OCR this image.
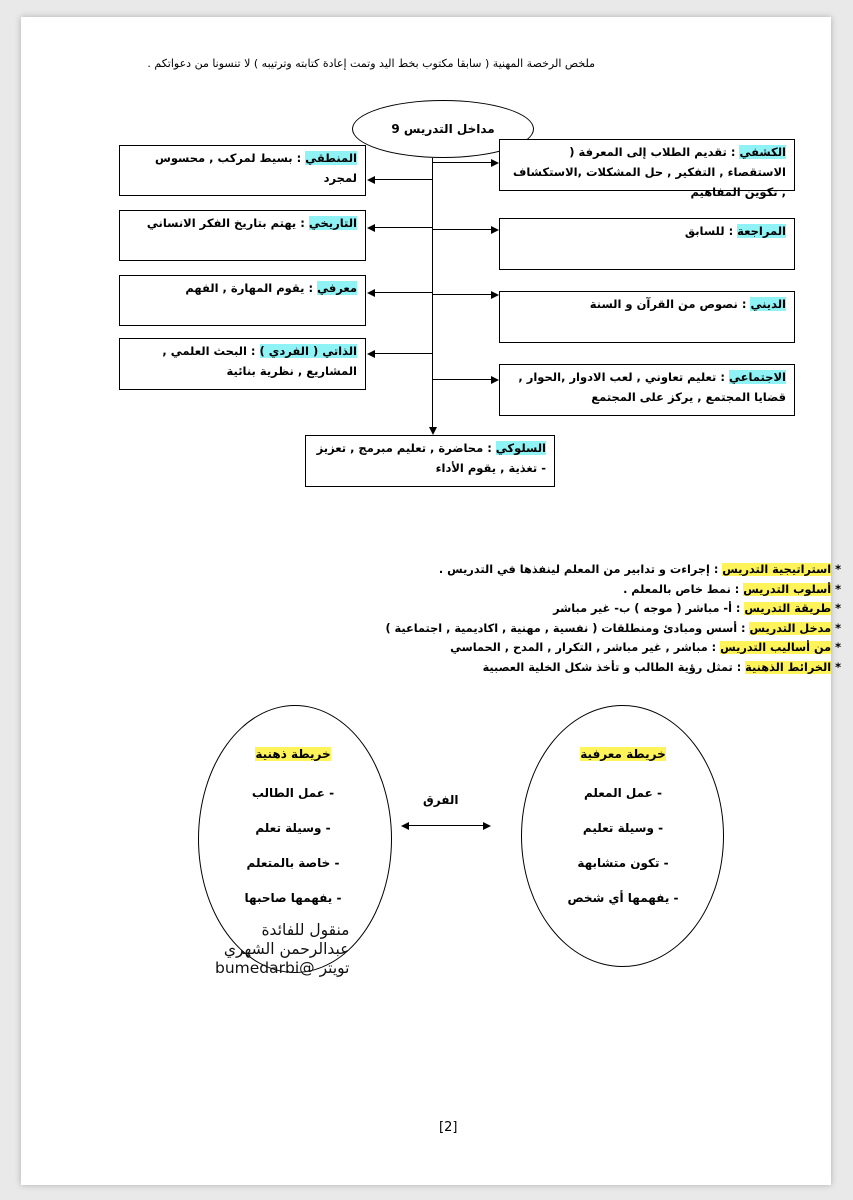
ملخص الرخصة المهنية ( سابقا مكتوب بخط اليد وتمت إعادة كتابته وترتيبه ) لا تنسونا من دعواتكم .
مداخل التدريس 9
المنطقي : بسيط لمركب , محسوس لمجرد
التاريخي : يهتم بتاريخ الفكر الانساني
معرفي : يقوم المهارة , الفهم
الذاتي ( الفردي ) : البحث العلمي , المشاريع , نظرية بنائية
الكشفي : تقديم الطلاب إلى المعرفة ( الاستقصاء , التفكير , حل المشكلات ,الاستكشاف , تكوين المفاهيم
المراجعة : للسابق
الديني : نصوص من القرآن و السنة
الاجتماعي : تعليم تعاوني , لعب الادوار ,الحوار , قضايا المجتمع , يركز على المجتمع
السلوكي : محاضرة , تعليم مبرمج , تعزيز - تغذية , يقوم الأداء
* استراتيجية التدريس : إجراءت و تدابير من المعلم لينفذها في التدريس .
* أسلوب التدريس : نمط خاص بالمعلم .
* طريقة التدريس : أ- مباشر ( موجه ) ب- غير مباشر
* مدخل التدريس : أسس ومبادئ ومنطلقات ( نفسية , مهنية , اكاديمية , اجتماعية )
* من أساليب التدريس : مباشر , غير مباشر , التكرار , المدح , الحماسي
* الخرائط الذهنية : تمثل رؤية الطالب و تأخذ شكل الخلية العصبية
خريطة ذهنية
- عمل الطالب
- وسيلة تعلم
- خاصة بالمتعلم
- يفهمها صاحبها
خريطة معرفية
- عمل المعلم
- وسيلة تعليم
- تكون متشابهة
- يفهمها أي شخص
الفرق
منقول للفائدة
عبدالرحمن الشهري
تويتر @bumedarbi
[2]
